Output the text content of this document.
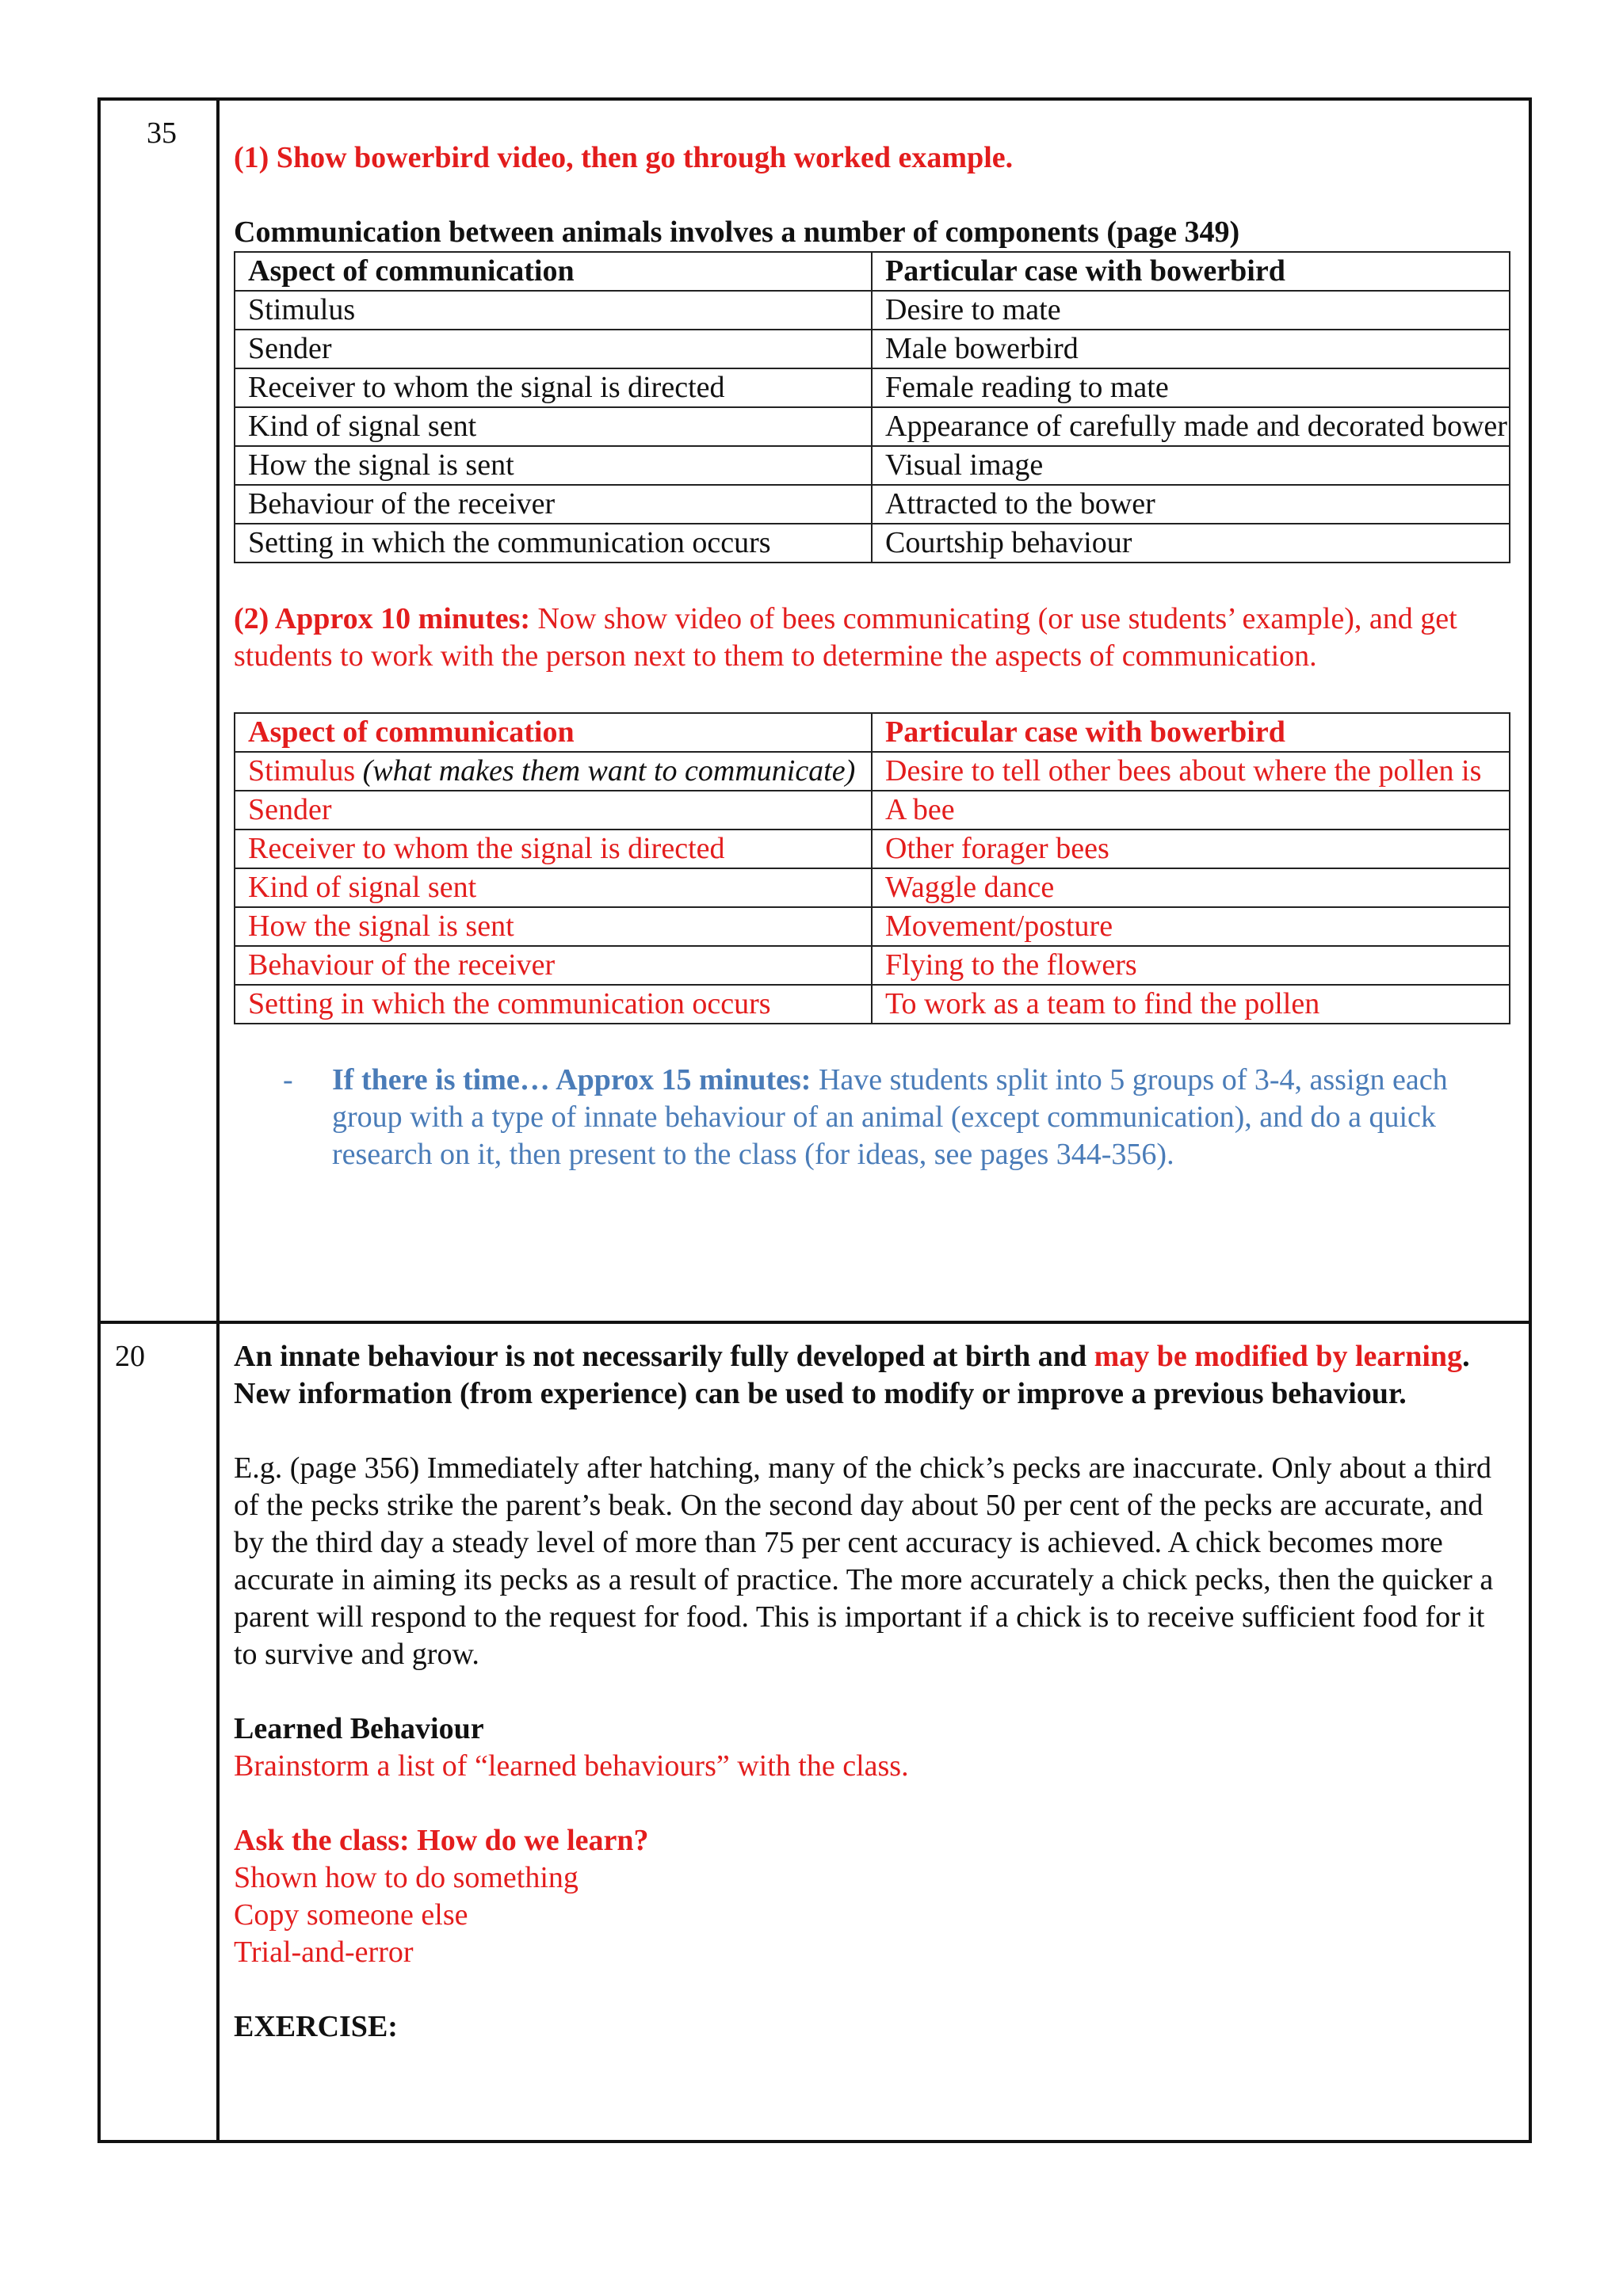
35	

(1) Show bowerbird video, then go through worked example.

Communication between animals involves a number of components (page 349)

Aspect of communication	Particular case with bowerbird
Stimulus	Desire to mate
Sender	Male bowerbird
Receiver to whom the signal is directed	Female reading to mate
Kind of signal sent	Appearance of carefully made and decorated bower
How the signal is sent	Visual image
Behaviour of the receiver	Attracted to the bower
Setting in which the communication occurs	Courtship behaviour

(2) Approx 10 minutes: Now show video of bees communicating (or use students’ example), and get students to work with the person next to them to determine the aspects of communication.

Aspect of communication	Particular case with bowerbird
Stimulus (what makes them want to communicate)	Desire to tell other bees about where the pollen is
Sender	A bee
Receiver to whom the signal is directed	Other forager bees
Kind of signal sent	Waggle dance
How the signal is sent	Movement/posture
Behaviour of the receiver	Flying to the flowers
Setting in which the communication occurs	To work as a team to find the pollen
-	If there is time… Approx 15 minutes: Have students split into 5 groups of 3-4, assign each group with a type of innate behaviour of an animal (except communication), and do a quick research on it, then present to the class (for ideas, see pages 344-356).

20	An innate behaviour is not necessarily fully developed at birth and may be modified by learning. New information (from experience) can be used to modify or improve a previous behaviour.

E.g. (page 356) Immediately after hatching, many of the chick’s pecks are inaccurate. Only about a third of the pecks strike the parent’s beak. On the second day about 50 per cent of the pecks are accurate, and by the third day a steady level of more than 75 per cent accuracy is achieved. A chick becomes more accurate in aiming its pecks as a result of practice. The more accurately a chick pecks, then the quicker a parent will respond to the request for food. This is important if a chick is to receive sufficient food for it to survive and grow.

Learned Behaviour

Brainstorm a list of “learned behaviours” with the class.

Ask the class: How do we learn?

Shown how to do something

Copy someone else

Trial-and-error

EXERCISE:
